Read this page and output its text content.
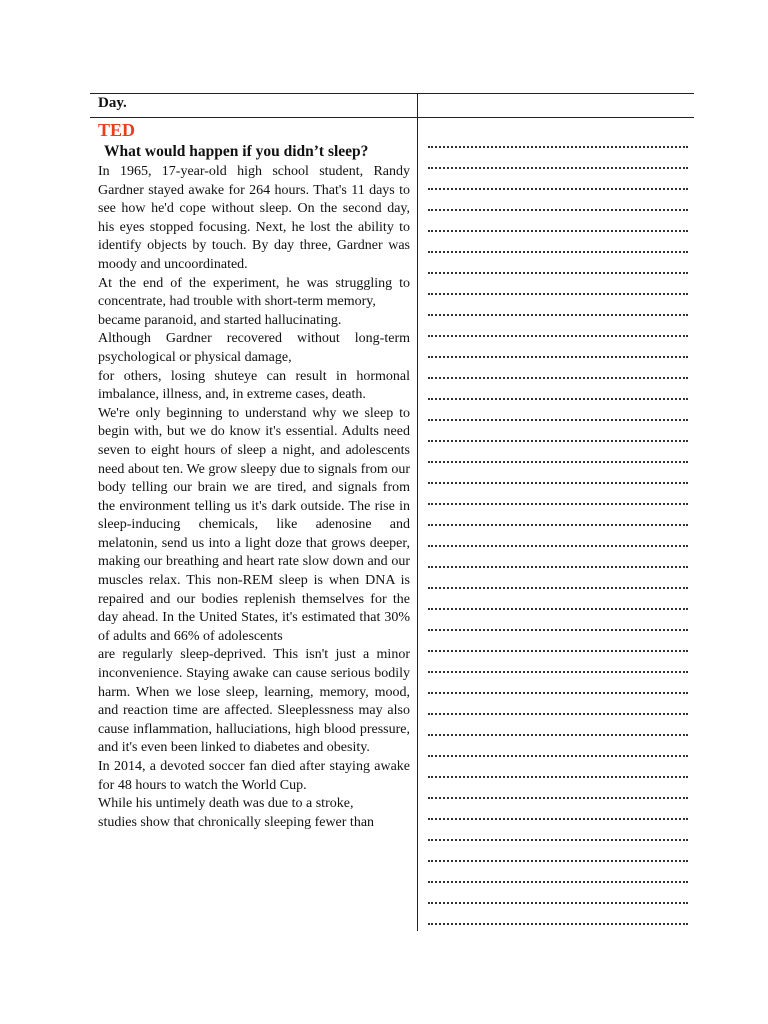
Day.
TED
What would happen if you didn’t sleep?

In 1965, 17-year-old high school student, Randy Gardner stayed awake for 264 hours. That's 11 days to see how he'd cope without sleep. On the second day, his eyes stopped focusing. Next, he lost the ability to identify objects by touch. By day three, Gardner was moody and uncoordinated.

At the end of the experiment, he was struggling to concentrate, had trouble with short-term memory,

became paranoid, and started hallucinating.

Although Gardner recovered without long-term psychological or physical damage,

for others, losing shuteye can result in hormonal imbalance, illness, and, in extreme cases, death.

We're only beginning to understand why we sleep to begin with, but we do know it's essential. Adults need seven to eight hours of sleep a night, and adolescents need about ten. We grow sleepy due to signals from our body telling our brain we are tired, and signals from the environment telling us it's dark outside. The rise in sleep-inducing chemicals, like adenosine and melatonin, send us into a light doze that grows deeper, making our breathing and heart rate slow down and our muscles relax. This non-REM sleep is when DNA is repaired and our bodies replenish themselves for the day ahead. In the United States, it's estimated that 30% of adults and 66% of adolescents

are regularly sleep-deprived. This isn't just a minor inconvenience. Staying awake can cause serious bodily harm. When we lose sleep, learning, memory, mood, and reaction time are affected. Sleeplessness may also cause inflammation, halluciations, high blood pressure, and it's even been linked to diabetes and obesity.

In 2014, a devoted soccer fan died after staying awake for 48 hours to watch the World Cup.

While his untimely death was due to a stroke,

studies show that chronically sleeping fewer than
